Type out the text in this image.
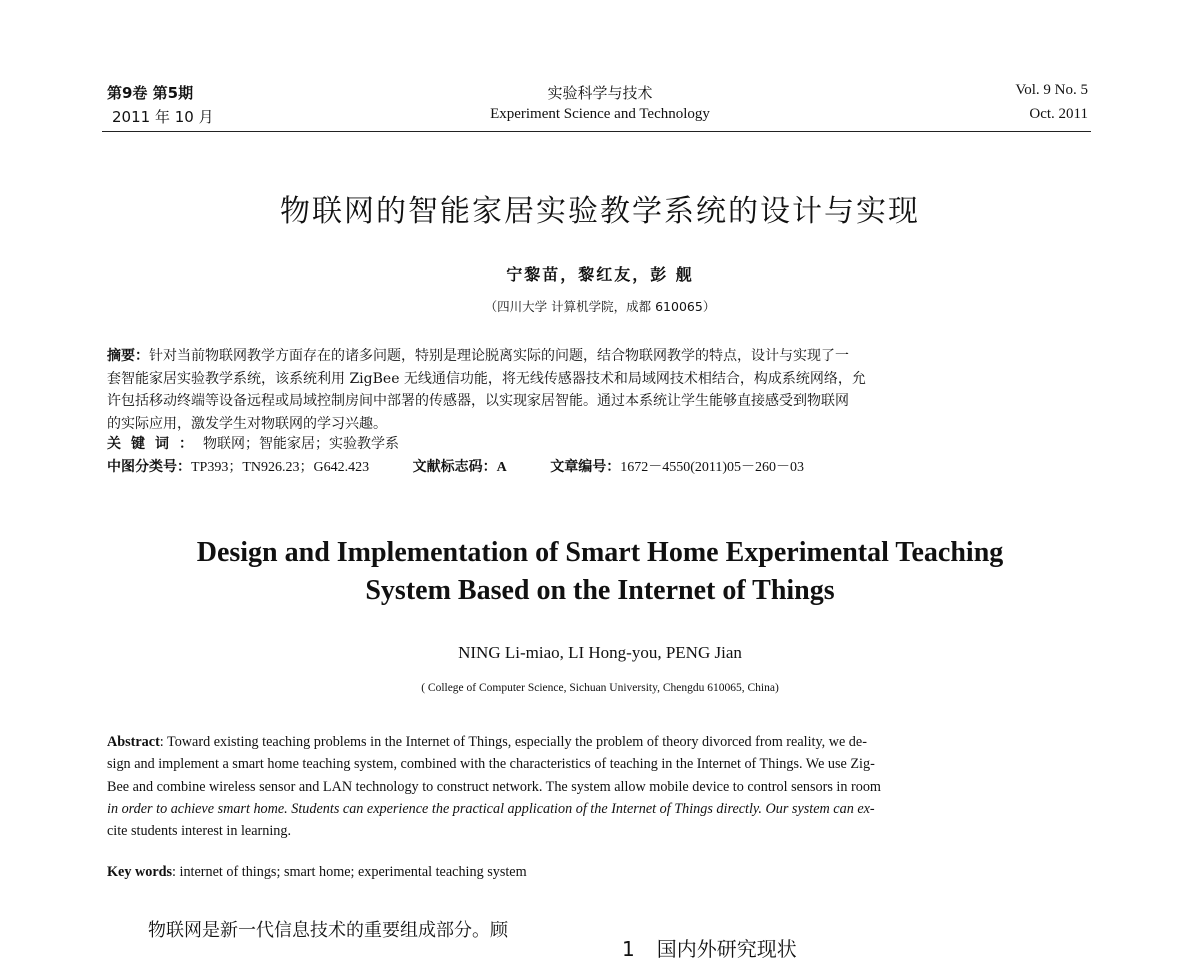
第9卷 第5期
2011 年 10 月
实验科学与技术
Experiment Science and Technology
Vol. 9 No. 5
Oct. 2011
物联网的智能家居实验教学系统的设计与实现
宁黎苗，黎红友，彭 舰
（四川大学 计算机学院，成都 610065）
摘要：针对当前物联网教学方面存在的诸多问题，特别是理论脱离实际的问题，结合物联网教学的特点，设计与实现了一
套智能家居实验教学系统，该系统利用 ZigBee 无线通信功能，将无线传感器技术和局域网技术相结合，构成系统网络，允
许包括移动终端等设备远程或局域控制房间中部署的传感器，以实现家居智能。通过本系统让学生能够直接感受到物联网
的实际应用，激发学生对物联网的学习兴趣。
关键词：物联网；智能家居；实验教学系
中图分类号：TP393；TN926.23；G642.423	文献标志码：A	文章编号：1672－4550(2011)05－260－03
Design and Implementation of Smart Home Experimental Teaching
System Based on the Internet of Things
NING Li-miao, LI Hong-you, PENG Jian
( College of Computer Science, Sichuan University, Chengdu 610065, China)
Abstract: Toward existing teaching problems in the Internet of Things, especially the problem of theory divorced from reality, we de-
sign and implement a smart home teaching system, combined with the characteristics of teaching in the Internet of Things. We use Zig-
Bee and combine wireless sensor and LAN technology to construct network. The system allow mobile device to control sensors in room
in order to achieve smart home. Students can experience the practical application of the Internet of Things directly. Our system can ex-
cite students interest in learning.
Key words: internet of things; smart home; experimental teaching system
物联网是新一代信息技术的重要组成部分。顾
1 国内外研究现状
